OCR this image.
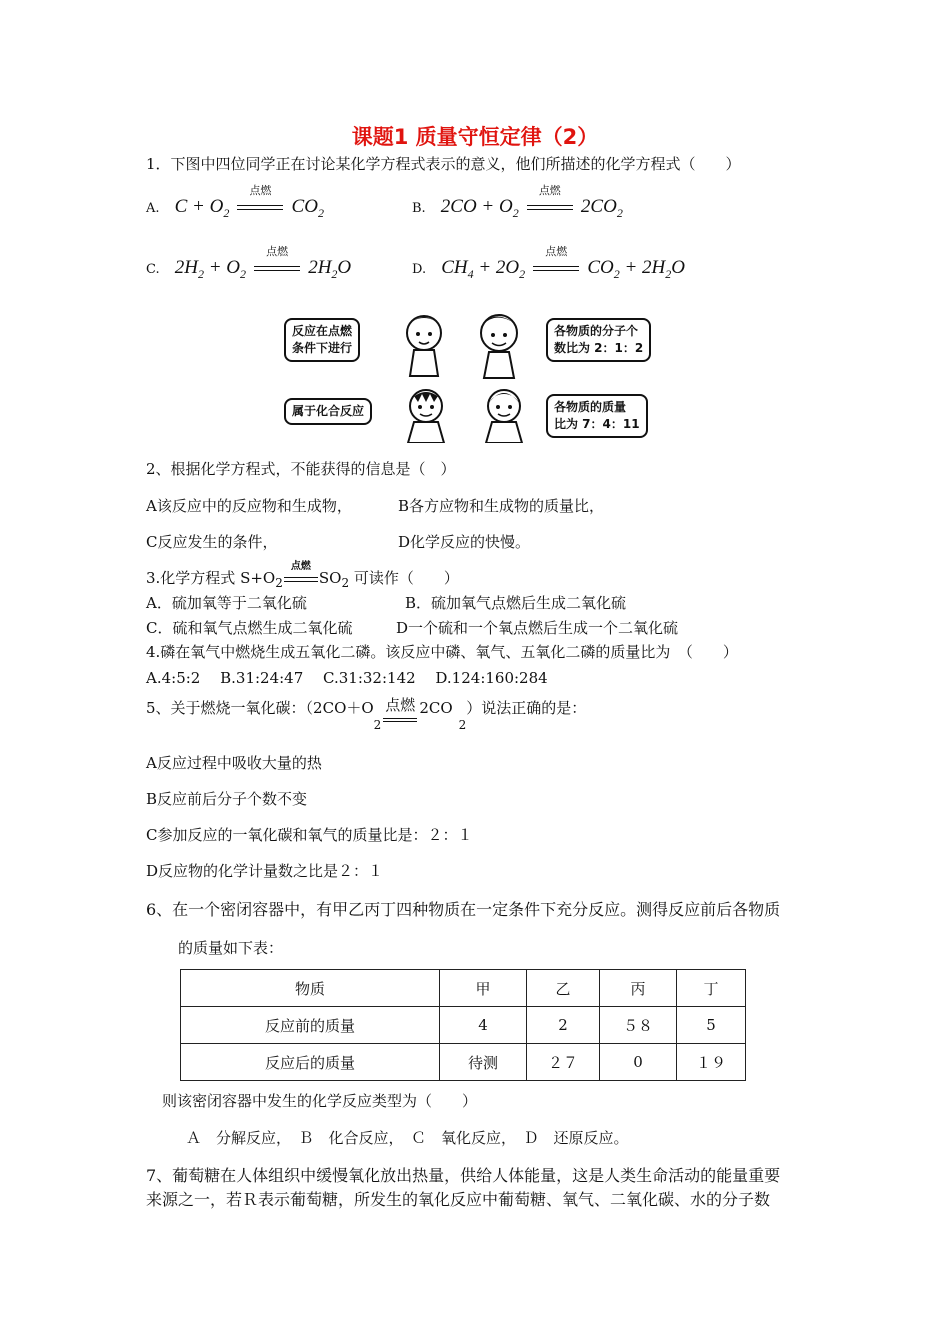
课题1 质量守恒定律（2）
1．下图中四位同学正在讨论某化学方程式表示的意义，他们所描述的化学方程式（　　）
A. $C + O_2$
点燃
$CO_2$	B. $2CO + O_2$
点燃
$2CO_2$
C. $2H_2 + O_2$
点燃
$2H_2O$	D. $CH_4 + 2O_2$
点燃
$CO_2 + 2H_2O$
反应在点燃
条件下进行
各物质的分子个
数比为 2：1：2
属于化合反应	各物质的质量
比为 7：4：11
2、根据化学方程式，不能获得的信息是（　）
A该反应中的反应物和生成物，	B各方应物和生成物的质量比，
C反应发生的条件，	D化学反应的快慢。
3.化学方程式 $S+O_2$
点燃
$SO_2$ 可读作（　　）
A．硫加氧等于二氧化硫	B．硫加氧气点燃后生成二氧化硫
C．硫和氧气点燃生成二氧化硫	D一个硫和一个氧点燃后生成一个二氧化硫
4.磷在氧气中燃烧生成五氧化二磷。该反应中磷、氧气、五氧化二磷的质量比为　（　　）
A.4:5:2　 B.31:24:47　 C.31:32:142　 D.124:160:284
5、关于燃烧一氧化碳：（$2CO+O_2$
点燃 $2CO_2$）说法正确的是：
A反应过程中吸收大量的热
B反应前后分子个数不变
C参加反应的一氧化碳和氧气的质量比是：２：１
D反应物的化学计量数之比是２：１
6、在一个密闭容器中，有甲乙丙丁四种物质在一定条件下充分反应。测得反应前后各物质
的质量如下表：
物质	甲	乙	丙	丁
反应前的质量	4	2	５８	5
反应后的质量	待测	２７	0	１９
则该密闭容器中发生的化学反应类型为（　　）
Ａ　分解反应，　Ｂ　化合反应，　Ｃ　氧化反应，　Ｄ　还原反应。
7、葡萄糖在人体组织中缓慢氧化放出热量，供给人体能量，这是人类生命活动的能量重要
来源之一，若Ｒ表示葡萄糖，所发生的氧化反应中葡萄糖、氧气、二氧化碳、水的分子数
